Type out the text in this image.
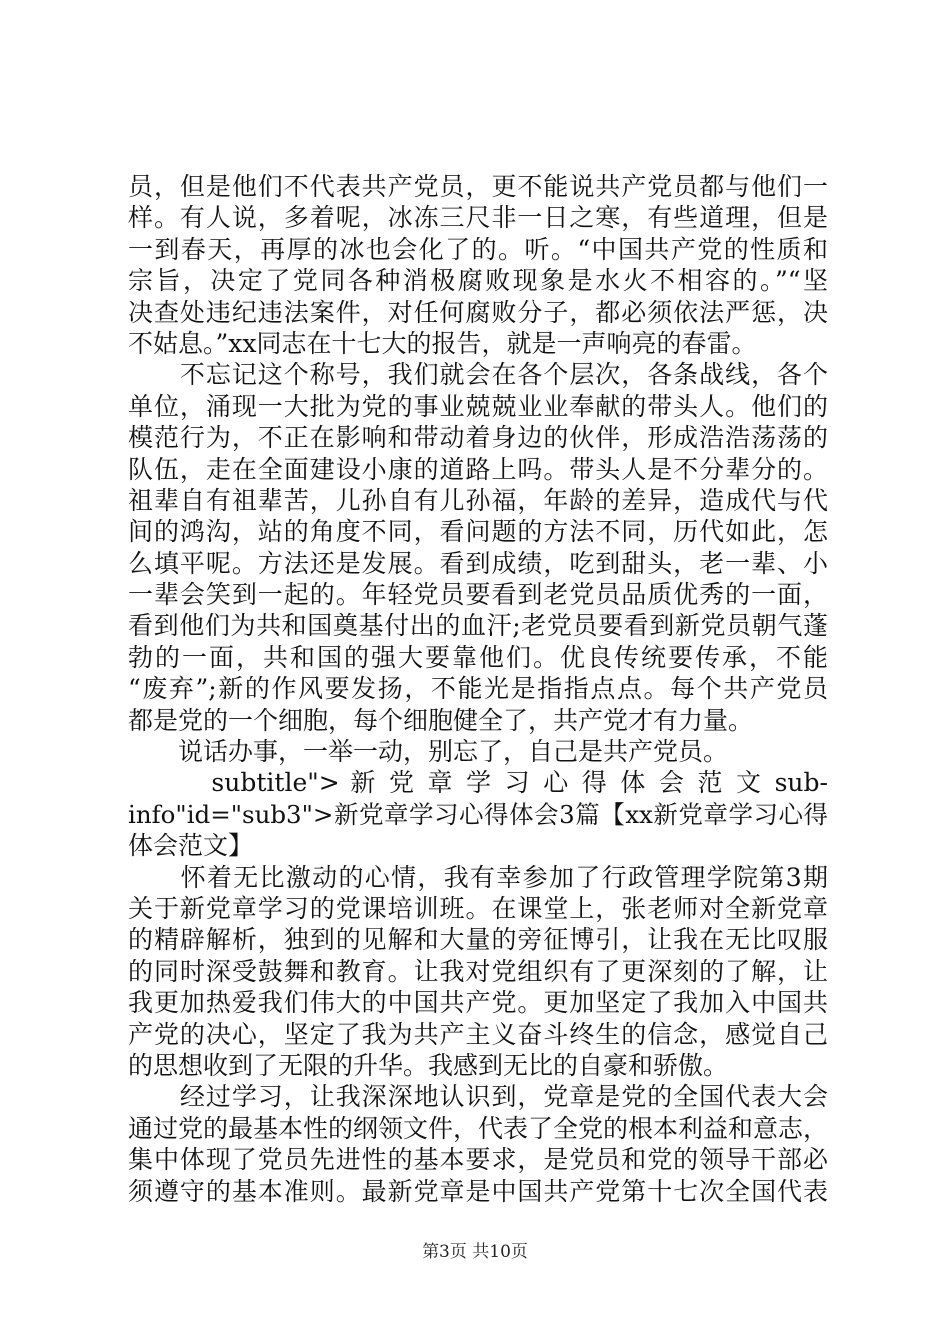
员，但是他们不代表共产党员，更不能说共产党员都与他们一
样。有人说，多着呢，冰冻三尺非一日之寒，有些道理，但是
一到春天，再厚的冰也会化了的。听。“中国共产党的性质和
宗旨，决定了党同各种消极腐败现象是水火不相容的。”“坚
决查处违纪违法案件，对任何腐败分子，都必须依法严惩，决
不姑息。”xx同志在十七大的报告，就是一声响亮的春雷。
　　不忘记这个称号，我们就会在各个层次，各条战线，各个
单位，涌现一大批为党的事业兢兢业业奉献的带头人。他们的
模范行为，不正在影响和带动着身边的伙伴，形成浩浩荡荡的
队伍，走在全面建设小康的道路上吗。带头人是不分辈分的。
祖辈自有祖辈苦，儿孙自有儿孙福，年龄的差异，造成代与代
间的鸿沟，站的角度不同，看问题的方法不同，历代如此，怎
么填平呢。方法还是发展。看到成绩，吃到甜头，老一辈、小
一辈会笑到一起的。年轻党员要看到老党员品质优秀的一面，
看到他们为共和国奠基付出的血汗;老党员要看到新党员朝气蓬
勃的一面，共和国的强大要靠他们。优良传统要传承，不能
“废弃”;新的作风要发扬，不能光是指指点点。每个共产党员
都是党的一个细胞，每个细胞健全了，共产党才有力量。
　　说话办事，一举一动，别忘了，自己是共产党员。
　　　subtitle"> 新 党 章 学 习 心 得 体 会 范 文 sub-
info"id="sub3">新党章学习心得体会3篇【xx新党章学习心得
体会范文】
　　怀着无比激动的心情，我有幸参加了行政管理学院第3期
关于新党章学习的党课培训班。在课堂上，张老师对全新党章
的精辟解析，独到的见解和大量的旁征博引，让我在无比叹服
的同时深受鼓舞和教育。让我对党组织有了更深刻的了解，让
我更加热爱我们伟大的中国共产党。更加坚定了我加入中国共
产党的决心，坚定了我为共产主义奋斗终生的信念，感觉自己
的思想收到了无限的升华。我感到无比的自豪和骄傲。
　　经过学习，让我深深地认识到，党章是党的全国代表大会
通过党的最基本性的纲领文件，代表了全党的根本利益和意志，
集中体现了党员先进性的基本要求，是党员和党的领导干部必
须遵守的基本准则。最新党章是中国共产党第十七次全国代表
第3页 共10页
